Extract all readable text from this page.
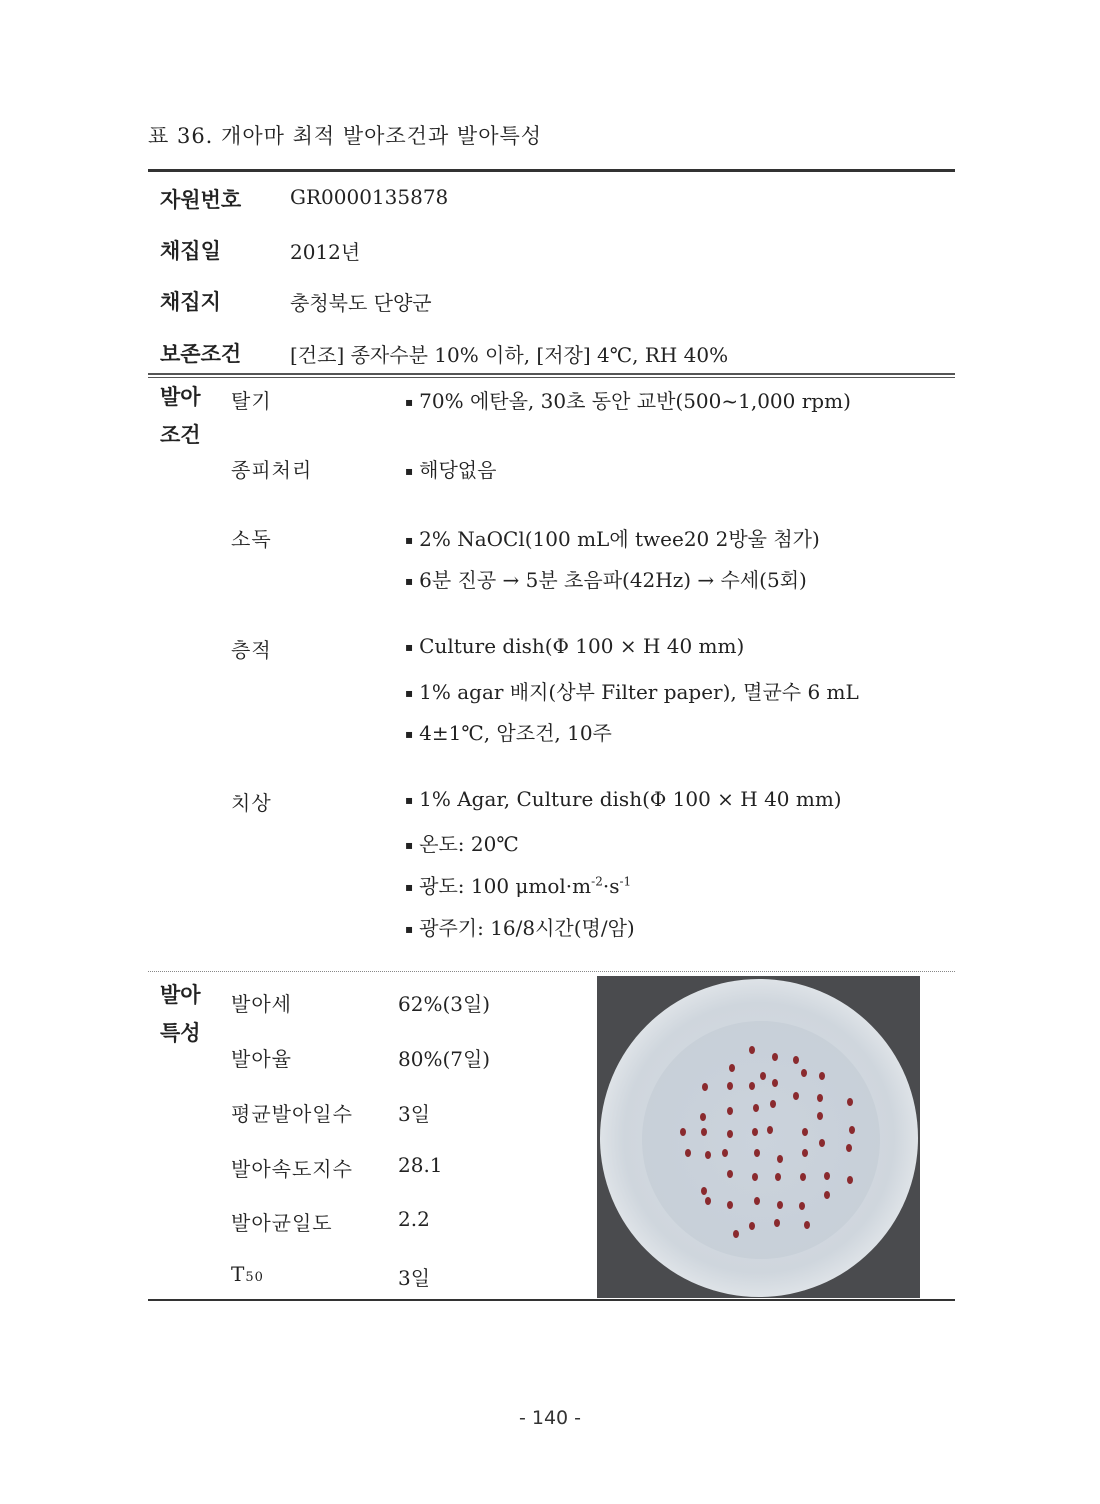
표 36. 개아마 최적 발아조건과 발아특성
자원번호 GR0000135878
채집일	2012년
채집지	충청북도 단양군
보존조건 [건조] 종자수분 10% 이하, [저장] 4℃, RH 40%
발아
조건
탈기	▪ 70% 에탄올, 30초 동안 교반(500~1,000 rpm)
종피처리	▪ 해당없음
소독	▪ 2% NaOCl(100 mL에 twee20 2방울 첨가)
▪ 6분 진공 → 5분 초음파(42Hz) → 수세(5회)
층적	▪ Culture dish(Φ 100 × H 40 mm)
▪ 1% agar 배지(상부 Filter paper), 멸균수 6 mL
▪ 4±1℃, 암조건, 10주
치상	▪ 1% Agar, Culture dish(Φ 100 × H 40 mm)
▪ 온도: 20℃
▪ 광도: 100 $\mu mol\cdot m^{-2}\cdot s^{-1}$
▪ 광주기: 16/8시간(명/암)
발아
특성
발아세	62%(3일)
발아율	80%(7일)
평균발아일수 3일
발아속도지수 28.1
발아균일도	2.2
T50	3일
- 140 -
